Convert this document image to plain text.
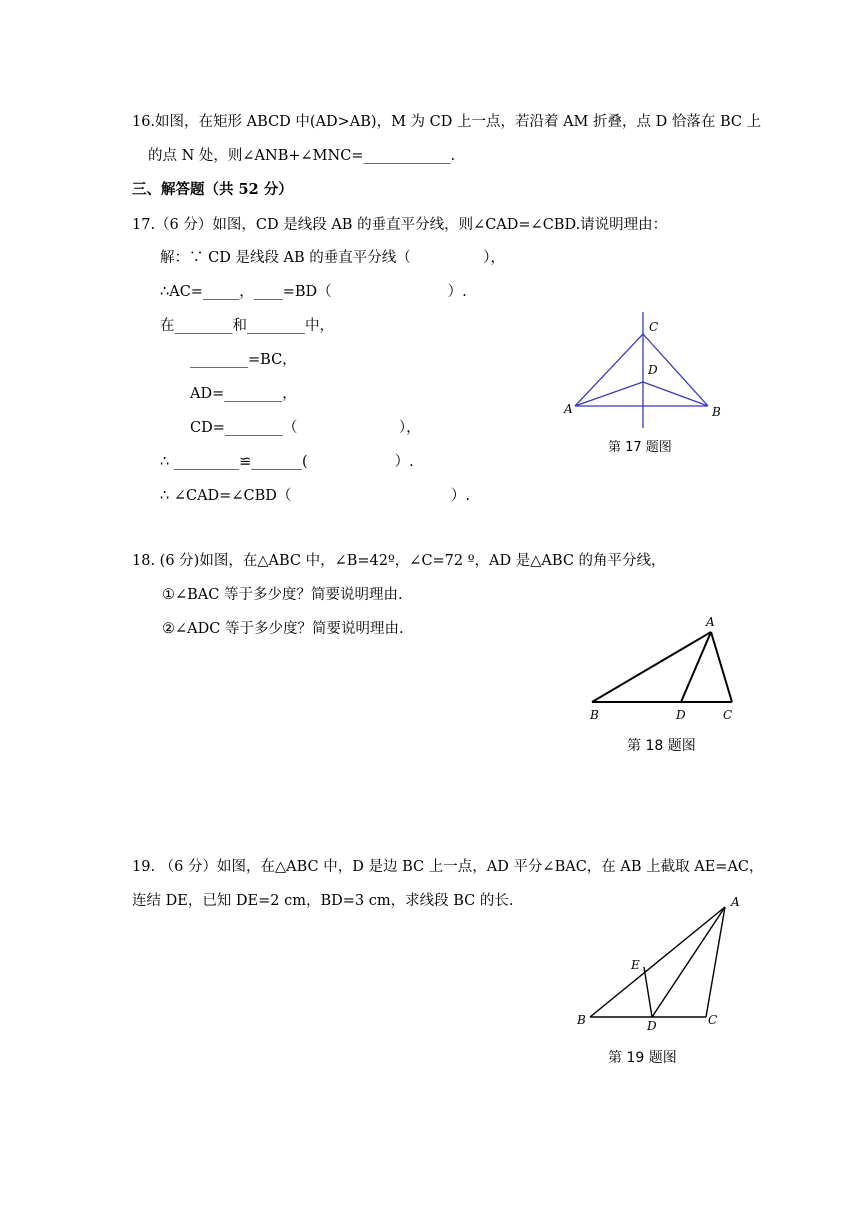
16.如图，在矩形 ABCD 中(AD>AB)，M 为 CD 上一点，若沿着 AM 折叠，点 D 恰落在 BC 上
的点 N 处，则∠ANB+∠MNC=____________.
三、解答题（共 52 分）
17.（6 分）如图，CD 是线段 AB 的垂直平分线，则∠CAD=∠CBD.请说明理由：
解：∵ CD 是线段 AB 的垂直平分线（　　　　　），
∴AC=_____，____=BD（　　　　　　　　）.
在________和________中，
________=BC，
AD=________，
CD=________（　　　　　　　），
∴ _________≌_______(　　　　　　）.
∴ ∠CAD=∠CBD（　　　　　　　　　　　）.
C
D
A	B
第 17 题图
18. (6 分)如图，在△ABC 中，∠B=42º，∠C=72 º，AD 是△ABC 的角平分线，
①∠BAC 等于多少度？简要说明理由.
②∠ADC 等于多少度？简要说明理由.	A
B	D	C
第 18 题图
19. （6 分）如图，在△ABC 中，D 是边 BC 上一点，AD 平分∠BAC，在 AB 上截取 AE=AC，
连结 DE，已知 DE=2 cm，BD=3 cm，求线段 BC 的长.	A
E
B	D	C
第 19 题图
